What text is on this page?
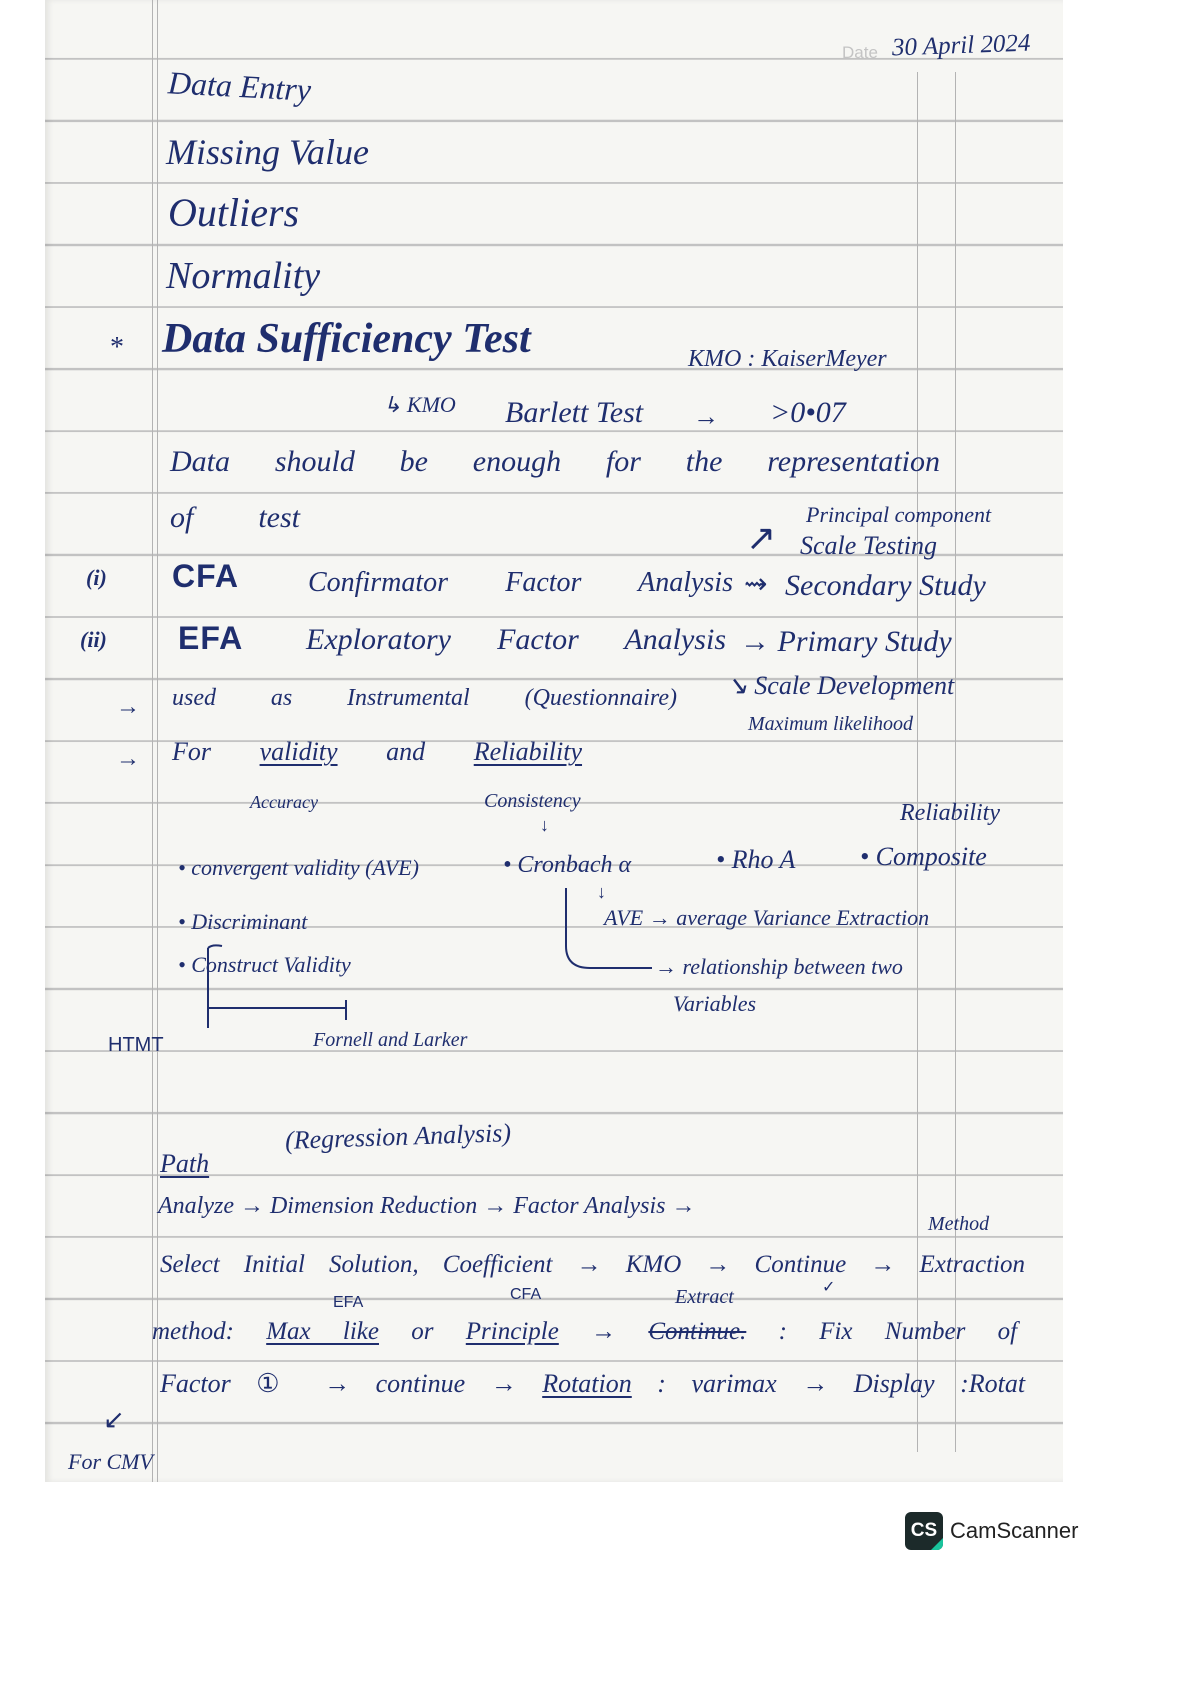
Date 30 April 2024
Data Entry
Missing Value
Outliers
Normality
* Data Sufficiency Test	KMO : KaiserMeyer
↳ KMO Barlett Test → >0•07
Data should be enough for the representation
of test	Principal component
↗ Scale Testing
(i) CFA Confirmator Factor Analysis ⇝ Secondary Study
(ii) EFA Exploratory Factor Analysis → Primary Study
↘ Scale Development
Maximum likelihood
→ used as Instrumental (Questionnaire)
→ For validity and Reliability
Accuracy	Consistency
↓	Reliability
• convergent validity (AVE)	• Cronbach α	• Rho A • Composite
↓
• Discriminant	AVE → average Variance Extraction
• Construct Validity	→ relationship between two
Variables
HTMT	Fornell and Larker
Path
(Regression Analysis)
Analyze → Dimension Reduction → Factor Analysis →
Method
Select Initial Solution, Coefficient → KMO → Continue → Extraction
✓
EFA	CFA	Extract
method: Max like or Principle → Continue. : Fix Number of
Factor ① → continue → Rotation : varimax → Display :Rotat
↙
For CMV
CS CamScanner
